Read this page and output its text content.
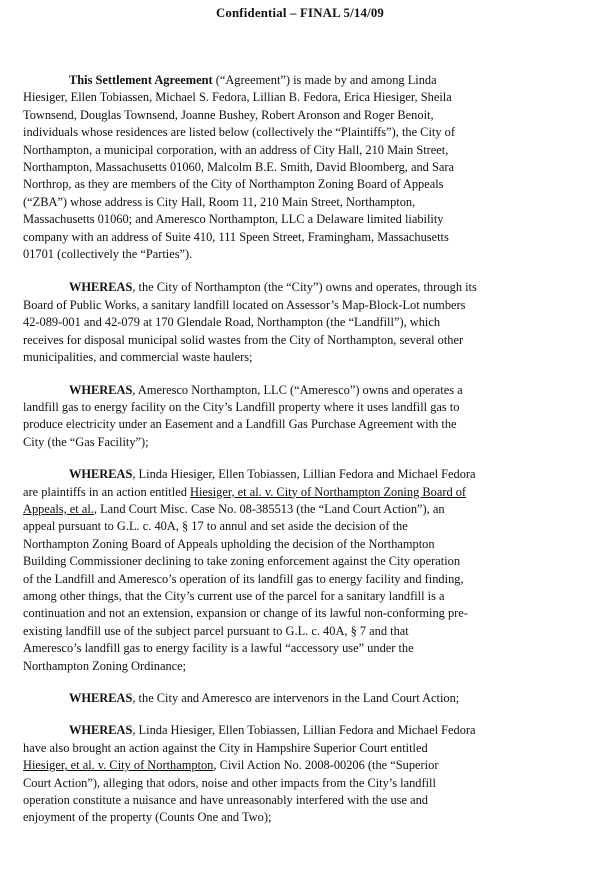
Confidential – FINAL 5/14/09

This Settlement Agreement (“Agreement”) is made by and among Linda
Hiesiger, Ellen Tobiassen, Michael S. Fedora, Lillian B. Fedora, Erica Hiesiger, Sheila
Townsend, Douglas Townsend, Joanne Bushey, Robert Aronson and Roger Benoit,
individuals whose residences are listed below (collectively the “Plaintiffs”), the City of
Northampton, a municipal corporation, with an address of City Hall, 210 Main Street,
Northampton, Massachusetts 01060, Malcolm B.E. Smith, David Bloomberg, and Sara
Northrop, as they are members of the City of Northampton Zoning Board of Appeals
(“ZBA”) whose address is City Hall, Room 11, 210 Main Street, Northampton,
Massachusetts 01060; and Ameresco Northampton, LLC a Delaware limited liability
company with an address of Suite 410, 111 Speen Street, Framingham, Massachusetts
01701 (collectively the “Parties”).

WHEREAS, the City of Northampton (the “City”) owns and operates, through its
Board of Public Works, a sanitary landfill located on Assessor’s Map-Block-Lot numbers
42-089-001 and 42-079 at 170 Glendale Road, Northampton (the “Landfill”), which
receives for disposal municipal solid wastes from the City of Northampton, several other
municipalities, and commercial waste haulers;

WHEREAS, Ameresco Northampton, LLC (“Ameresco”) owns and operates a
landfill gas to energy facility on the City’s Landfill property where it uses landfill gas to
produce electricity under an Easement and a Landfill Gas Purchase Agreement with the
City (the “Gas Facility”);

WHEREAS, Linda Hiesiger, Ellen Tobiassen, Lillian Fedora and Michael Fedora
are plaintiffs in an action entitled Hiesiger, et al. v. City of Northampton Zoning Board of
Appeals, et al., Land Court Misc. Case No. 08-385513 (the “Land Court Action”), an
appeal pursuant to G.L. c. 40A, § 17 to annul and set aside the decision of the
Northampton Zoning Board of Appeals upholding the decision of the Northampton
Building Commissioner declining to take zoning enforcement against the City operation
of the Landfill and Ameresco’s operation of its landfill gas to energy facility and finding,
among other things, that the City’s current use of the parcel for a sanitary landfill is a
continuation and not an extension, expansion or change of its lawful non-conforming pre-
existing landfill use of the subject parcel pursuant to G.L. c. 40A, § 7 and that
Ameresco’s landfill gas to energy facility is a lawful “accessory use” under the
Northampton Zoning Ordinance;

WHEREAS, the City and Ameresco are intervenors in the Land Court Action;

WHEREAS, Linda Hiesiger, Ellen Tobiassen, Lillian Fedora and Michael Fedora
have also brought an action against the City in Hampshire Superior Court entitled
Hiesiger, et al. v. City of Northampton, Civil Action No. 2008-00206 (the “Superior
Court Action”), alleging that odors, noise and other impacts from the City’s landfill
operation constitute a nuisance and have unreasonably interfered with the use and
enjoyment of the property (Counts One and Two);
